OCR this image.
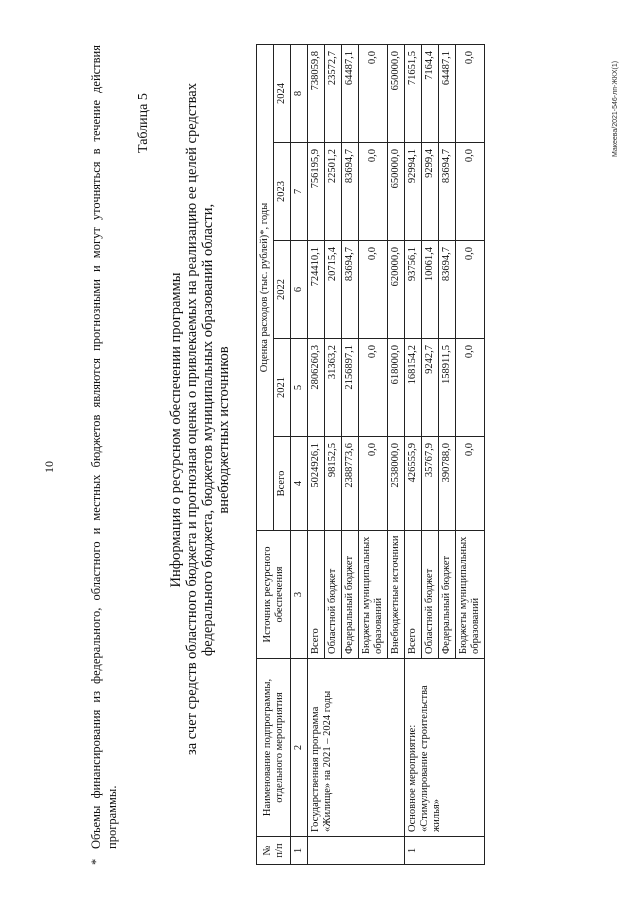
10
*
Объемы финансирования из федерального, областного и местных бюджетов являются прогнозными и могут уточняться в течение действия программы.
Таблица 5
Информация о ресурсном обеспечении программы за счет средств областного бюджета и прогнозная оценка о привлекаемых на реализацию ее целей средствах федерального бюджета, бюджетов муниципальных образований области, внебюджетных источников
№ п/п	Наименование подпрограммы, отдельного мероприятия	Источник ресурсного обеспечения	Оценка расходов (тыс. рублей)*, годы				
			Всего	2021	2022	2023	2024
1	2	3	4	5	6	7	8
	Государственная программа «Жилище» на 2021 – 2024 годы	Всего	5024926,1	2806260,3	724410,1	756195,9	738059,8
		Областной бюджет	98152,5	31363,2	20715,4	22501,2	23572,7
		Федеральный бюджет	2388773,6	2156897,1	83694,7	83694,7	64487,1
		Бюджеты муниципальных образований	0,0	0,0	0,0	0,0	0,0
		Внебюджетные источники	2538000,0	618000,0	620000,0	650000,0	650000,0
1	Основное мероприятие: «Стимулирование строительства жилья»	Всего	426555,9	168154,2	93756,1	92994,1	71651,5
		Областной бюджет	35767,9	9242,7	10061,4	9299,4	7164,4
		Федеральный бюджет	390788,0	158911,5	83694,7	83694,7	64487,1
		Бюджеты муниципальных образований	0,0	0,0	0,0	0,0	0,0
Макеева/2021-546-лп-ЖКХ(1)
